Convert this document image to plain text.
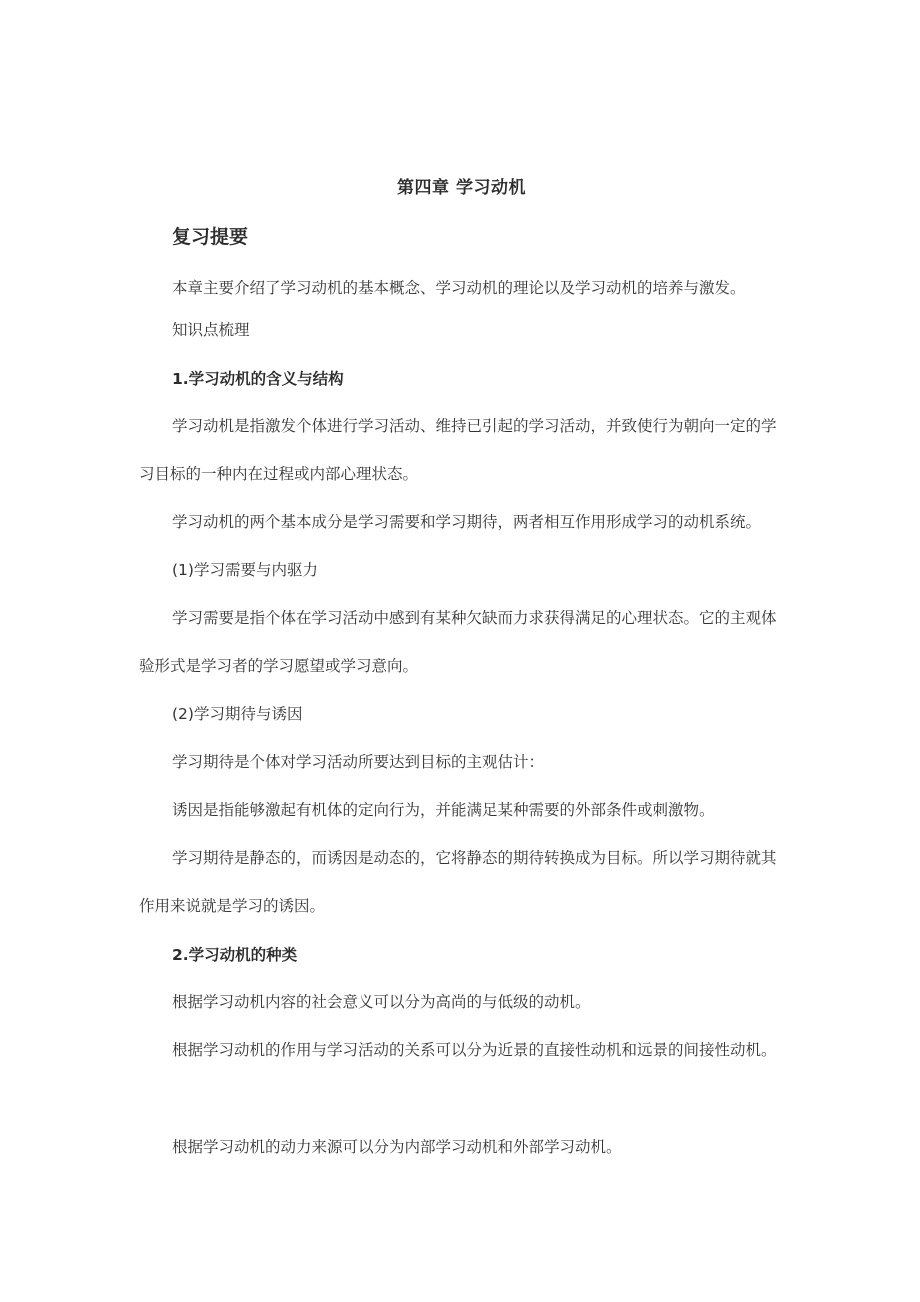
第四章 学习动机
复习提要
本章主要介绍了学习动机的基本概念、学习动机的理论以及学习动机的培养与激发。
知识点梳理
1.学习动机的含义与结构
学习动机是指激发个体进行学习活动、维持已引起的学习活动，并致使行为朝向一定的学习目标的一种内在过程或内部心理状态。
学习动机的两个基本成分是学习需要和学习期待，两者相互作用形成学习的动机系统。
(1)学习需要与内驱力
学习需要是指个体在学习活动中感到有某种欠缺而力求获得满足的心理状态。它的主观体验形式是学习者的学习愿望或学习意向。
(2)学习期待与诱因
学习期待是个体对学习活动所要达到目标的主观估计：
诱因是指能够激起有机体的定向行为，并能满足某种需要的外部条件或刺激物。
学习期待是静态的，而诱因是动态的，它将静态的期待转换成为目标。所以学习期待就其作用来说就是学习的诱因。
2.学习动机的种类
根据学习动机内容的社会意义可以分为高尚的与低级的动机。
根据学习动机的作用与学习活动的关系可以分为近景的直接性动机和远景的间接性动机。
根据学习动机的动力来源可以分为内部学习动机和外部学习动机。
